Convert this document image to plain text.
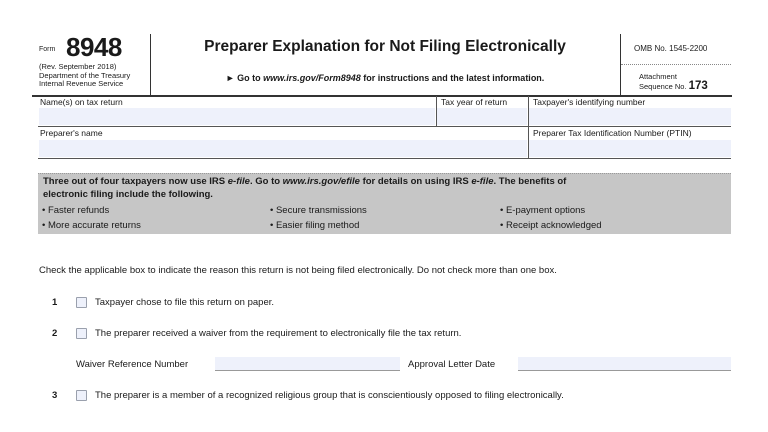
Form 8948
(Rev. September 2018)
Department of the Treasury
Internal Revenue Service
Preparer Explanation for Not Filing Electronically
► Go to www.irs.gov/Form8948 for instructions and the latest information.
OMB No. 1545-2200
Attachment
Sequence No. 173
Name(s) on tax return	Tax year of return	Taxpayer's identifying number
Preparer's name	Preparer Tax Identification Number (PTIN)
Three out of four taxpayers now use IRS e-file. Go to www.irs.gov/efile for details on using IRS e-file. The benefits of
electronic filing include the following.
• Faster refunds	• Secure transmissions	• E-payment options
• More accurate returns	• Easier filing method	• Receipt acknowledged
Check the applicable box to indicate the reason this return is not being filed electronically. Do not check more than one box.
1	Taxpayer chose to file this return on paper.
2	The preparer received a waiver from the requirement to electronically file the tax return.
Waiver Reference Number	Approval Letter Date
3	The preparer is a member of a recognized religious group that is conscientiously opposed to filing electronically.
